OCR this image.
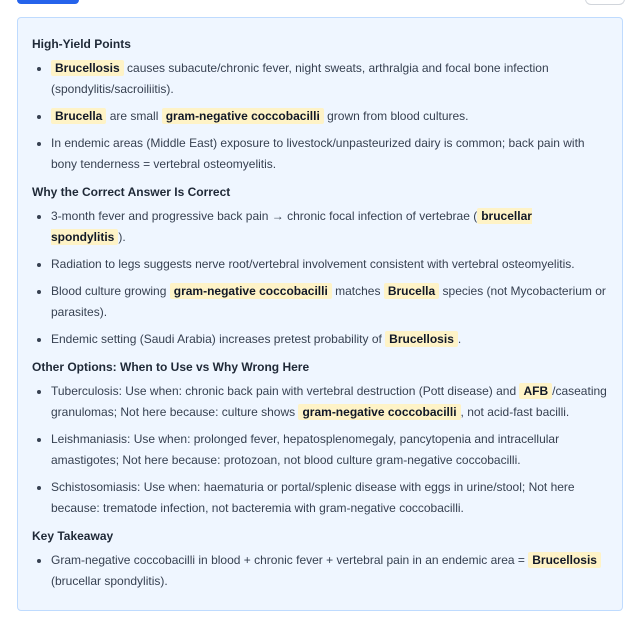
High-Yield Points
Brucellosis causes subacute/chronic fever, night sweats, arthralgia and focal bone infection (spondylitis/sacroiliitis).
Brucella are small gram-negative coccobacilli grown from blood cultures.
In endemic areas (Middle East) exposure to livestock/unpasteurized dairy is common; back pain with bony tenderness = vertebral osteomyelitis.
Why the Correct Answer Is Correct
3-month fever and progressive back pain → chronic focal infection of vertebrae ( brucellar spondylitis ).
Radiation to legs suggests nerve root/vertebral involvement consistent with vertebral osteomyelitis.
Blood culture growing gram-negative coccobacilli matches Brucella species (not Mycobacterium or parasites).
Endemic setting (Saudi Arabia) increases pretest probability of Brucellosis .
Other Options: When to Use vs Why Wrong Here
Tuberculosis: Use when: chronic back pain with vertebral destruction (Pott disease) and AFB /caseating granulomas; Not here because: culture shows gram-negative coccobacilli , not acid-fast bacilli.
Leishmaniasis: Use when: prolonged fever, hepatosplenomegaly, pancytopenia and intracellular amastigotes; Not here because: protozoan, not blood culture gram-negative coccobacilli.
Schistosomiasis: Use when: haematuria or portal/splenic disease with eggs in urine/stool; Not here because: trematode infection, not bacteremia with gram-negative coccobacilli.
Key Takeaway
Gram-negative coccobacilli in blood + chronic fever + vertebral pain in an endemic area = Brucellosis (brucellar spondylitis).
